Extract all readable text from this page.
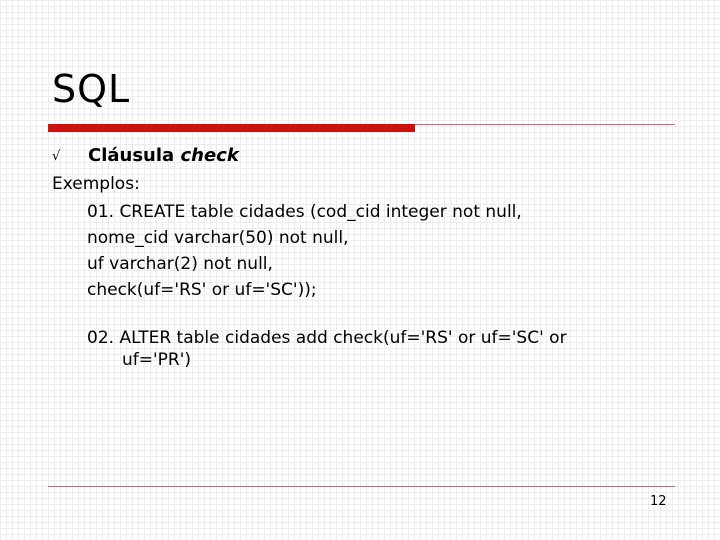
SQL
√ Cláusula check
Exemplos:
01. CREATE table cidades (cod_cid integer not null,
nome_cid varchar(50) not null,
uf varchar(2) not null,
check(uf='RS' or uf='SC'));
02. ALTER table cidades add check(uf='RS' or uf='SC' or
uf='PR')
12
